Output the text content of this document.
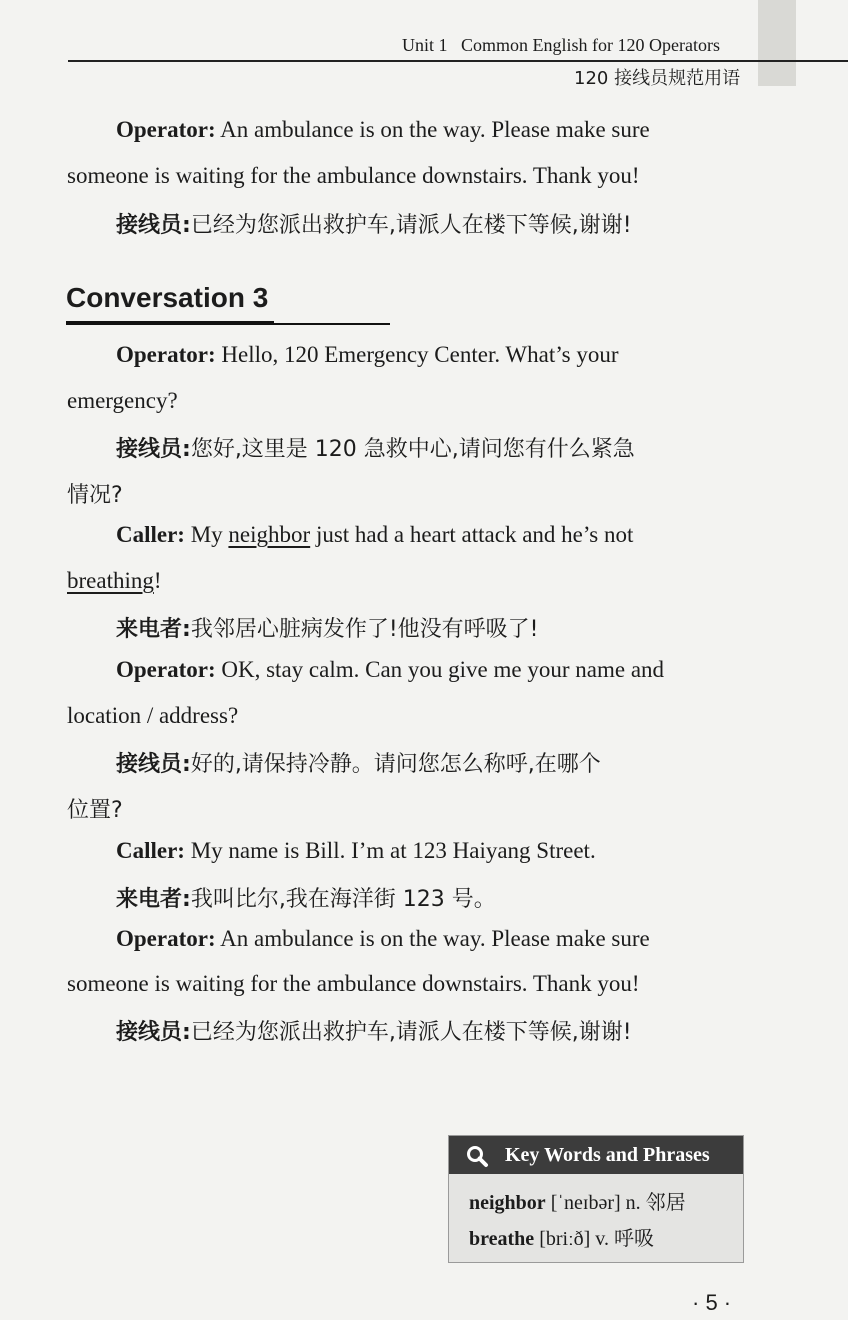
Unit 1 Common English for 120 Operators
120 接线员规范用语
Operator: An ambulance is on the way. Please make sure
someone is waiting for the ambulance downstairs. Thank you!
接线员:已经为您派出救护车,请派人在楼下等候,谢谢!
Conversation 3
Operator: Hello, 120 Emergency Center. What’s your
emergency?
接线员:您好,这里是 120 急救中心,请问您有什么紧急
情况?
Caller: My neighbor just had a heart attack and he’s not
breathing!
来电者:我邻居心脏病发作了!他没有呼吸了!
Operator: OK, stay calm. Can you give me your name and
location / address?
接线员:好的,请保持冷静。请问您怎么称呼,在哪个
位置?
Caller: My name is Bill. I’m at 123 Haiyang Street.
来电者:我叫比尔,我在海洋街 123 号。
Operator: An ambulance is on the way. Please make sure
someone is waiting for the ambulance downstairs. Thank you!
接线员:已经为您派出救护车,请派人在楼下等候,谢谢!
Key Words and Phrases
neighbor [ˈneɪbər] n. 邻居
breathe [briːð] v. 呼吸
· 5 ·
